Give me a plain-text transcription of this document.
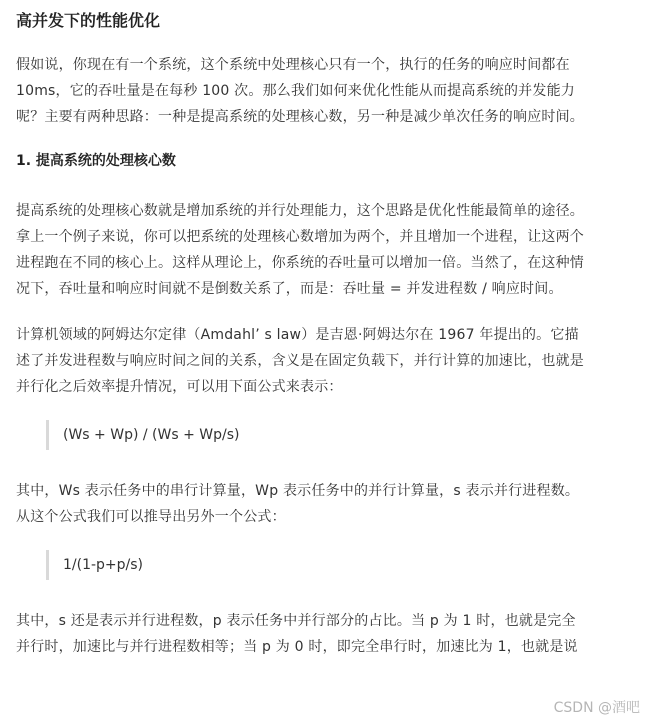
高并发下的性能优化
假如说，你现在有一个系统，这个系统中处理核心只有一个，执行的任务的响应时间都在
10ms，它的吞吐量是在每秒 100 次。那么我们如何来优化性能从而提高系统的并发能力
呢？主要有两种思路：一种是提高系统的处理核心数，另一种是减少单次任务的响应时间。
1. 提高系统的处理核心数
提高系统的处理核心数就是增加系统的并行处理能力，这个思路是优化性能最简单的途径。
拿上一个例子来说，你可以把系统的处理核心数增加为两个，并且增加一个进程，让这两个
进程跑在不同的核心上。这样从理论上，你系统的吞吐量可以增加一倍。当然了，在这种情
况下，吞吐量和响应时间就不是倒数关系了，而是：吞吐量 = 并发进程数 / 响应时间。
计算机领域的阿姆达尔定律（Amdahl’ s law）是吉恩·阿姆达尔在 1967 年提出的。它描
述了并发进程数与响应时间之间的关系，含义是在固定负载下，并行计算的加速比，也就是
并行化之后效率提升情况，可以用下面公式来表示：
(Ws + Wp) / (Ws + Wp/s)
其中，Ws 表示任务中的串行计算量，Wp 表示任务中的并行计算量，s 表示并行进程数。
从这个公式我们可以推导出另外一个公式：
1/(1-p+p/s)
其中，s 还是表示并行进程数，p 表示任务中并行部分的占比。当 p 为 1 时，也就是完全
并行时，加速比与并行进程数相等；当 p 为 0 时，即完全串行时，加速比为 1，也就是说
CSDN @酒吧
